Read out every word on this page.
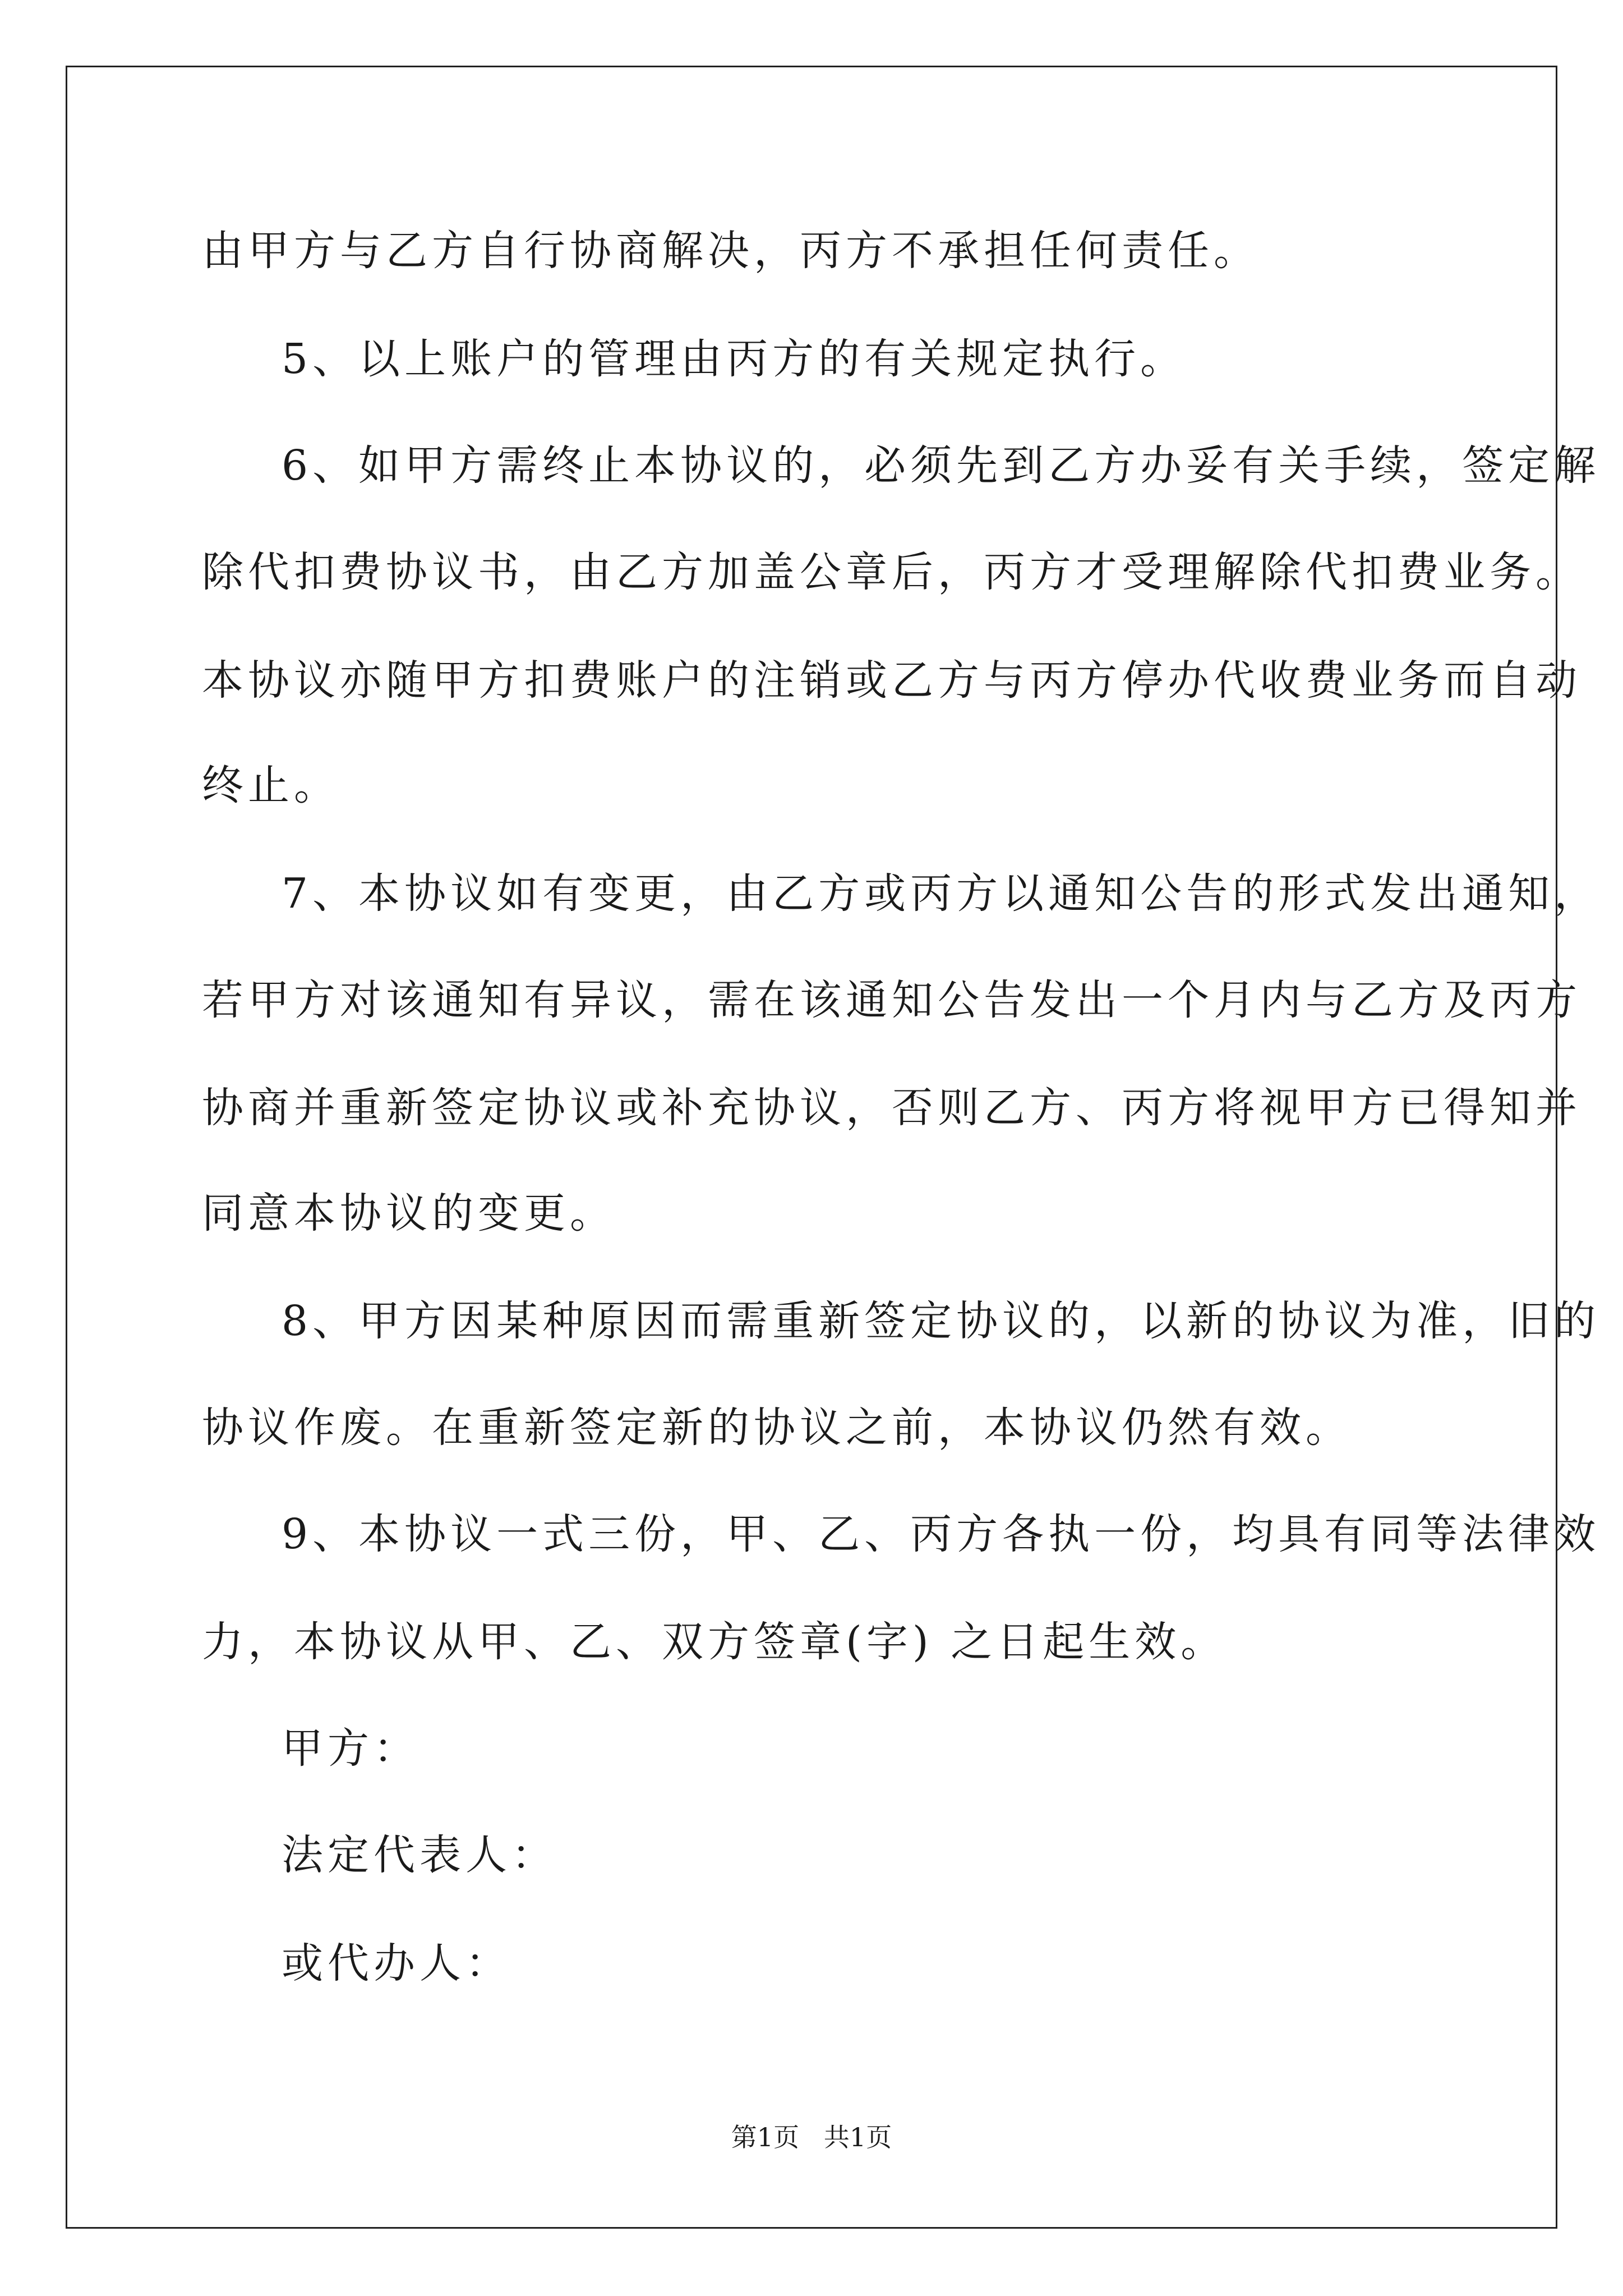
由甲方与乙方自行协商解决，丙方不承担任何责任。
5、以上账户的管理由丙方的有关规定执行。
6、如甲方需终止本协议的，必须先到乙方办妥有关手续，签定解
除代扣费协议书，由乙方加盖公章后，丙方才受理解除代扣费业务。
本协议亦随甲方扣费账户的注销或乙方与丙方停办代收费业务而自动
终止。
7、本协议如有变更，由乙方或丙方以通知公告的形式发出通知，
若甲方对该通知有异议，需在该通知公告发出一个月内与乙方及丙方
协商并重新签定协议或补充协议，否则乙方、丙方将视甲方已得知并
同意本协议的变更。
8、甲方因某种原因而需重新签定协议的，以新的协议为准，旧的
协议作废。在重新签定新的协议之前，本协议仍然有效。
9、本协议一式三份，甲、乙、丙方各执一份，均具有同等法律效
力，本协议从甲、乙、双方签章(字) 之日起生效。
甲方：
法定代表人：
或代办人：
第1页   共1页
